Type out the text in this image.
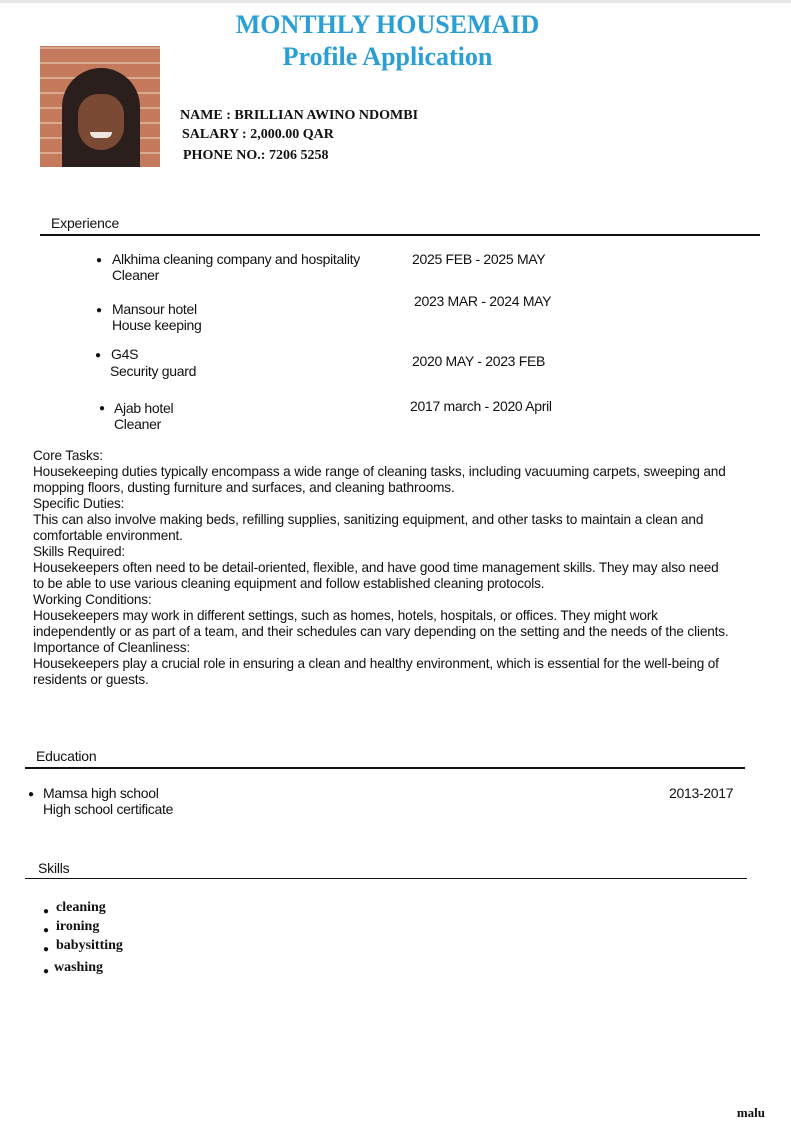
MONTHLY HOUSEMAID
Profile Application
NAME : BRILLIAN AWINO NDOMBI
SALARY : 2,000.00 QAR
PHONE NO.: 7206 5258
Experience
● Alkhima cleaning company and hospitality
Cleaner
2025 FEB - 2025 MAY
● Mansour hotel
House keeping
2023 MAR - 2024 MAY
● G4S
Security guard
2020 MAY - 2023 FEB
● Ajab hotel
Cleaner
2017 march - 2020 April
Core Tasks:
Housekeeping duties typically encompass a wide range of cleaning tasks, including vacuuming carpets, sweeping and mopping floors, dusting furniture and surfaces, and cleaning bathrooms.
Specific Duties:
This can also involve making beds, refilling supplies, sanitizing equipment, and other tasks to maintain a clean and comfortable environment.
Skills Required:
Housekeepers often need to be detail-oriented, flexible, and have good time management skills. They may also need to be able to use various cleaning equipment and follow established cleaning protocols.
Working Conditions:
Housekeepers may work in different settings, such as homes, hotels, hospitals, or offices. They might work independently or as part of a team, and their schedules can vary depending on the setting and the needs of the clients.
Importance of Cleanliness:
Housekeepers play a crucial role in ensuring a clean and healthy environment, which is essential for the well-being of residents or guests.
Education
● Mamsa high school
High school certificate
2013-2017
Skills
● cleaning
● ironing
● babysitting
● washing
malu
